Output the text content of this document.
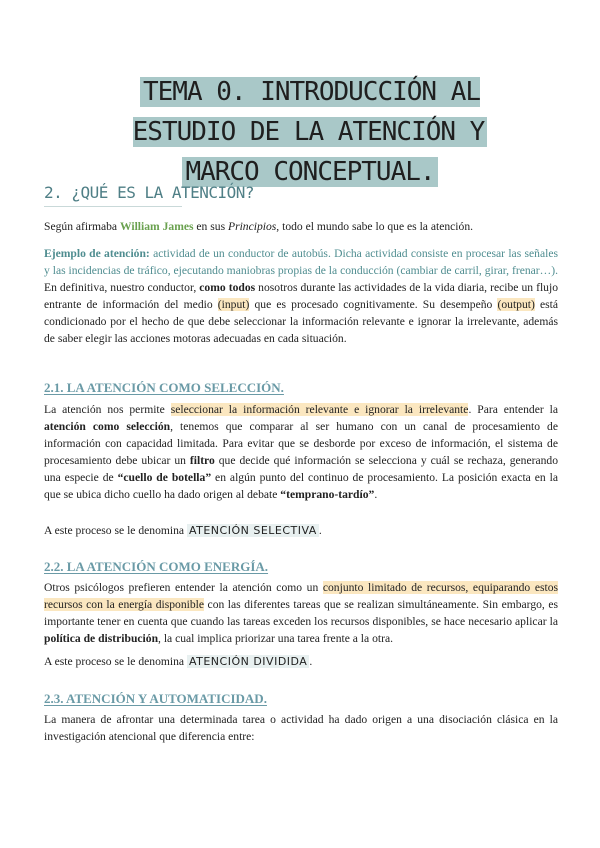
TEMA 0. INTRODUCCIÓN AL ESTUDIO DE LA ATENCIÓN Y
MARCO CONCEPTUAL.
2. ¿QUÉ ES LA ATENCIÓN?
Según afirmaba William James en sus Principios, todo el mundo sabe lo que es la atención.
Ejemplo de atención: actividad de un conductor de autobús. Dicha actividad consiste en procesar las señales y las incidencias de tráfico, ejecutando maniobras propias de la conducción (cambiar de carril, girar, frenar…). En definitiva, nuestro conductor, como todos nosotros durante las actividades de la vida diaria, recibe un flujo entrante de información del medio (input) que es procesado cognitivamente. Su desempeño (output) está condicionado por el hecho de que debe seleccionar la información relevante e ignorar la irrelevante, además de saber elegir las acciones motoras adecuadas en cada situación.
2.1. LA ATENCIÓN COMO SELECCIÓN.
La atención nos permite seleccionar la información relevante e ignorar la irrelevante. Para entender la atención como selección, tenemos que comparar al ser humano con un canal de procesamiento de información con capacidad limitada. Para evitar que se desborde por exceso de información, el sistema de procesamiento debe ubicar un filtro que decide qué información se selecciona y cuál se rechaza, generando una especie de “cuello de botella” en algún punto del continuo de procesamiento. La posición exacta en la que se ubica dicho cuello ha dado origen al debate “temprano-tardío”.
A este proceso se le denomina ATENCIÓN SELECTIVA .
2.2. LA ATENCIÓN COMO ENERGÍA.
Otros psicólogos prefieren entender la atención como un conjunto limitado de recursos, equiparando estos recursos con la energía disponible con las diferentes tareas que se realizan simultáneamente. Sin embargo, es importante tener en cuenta que cuando las tareas exceden los recursos disponibles, se hace necesario aplicar la política de distribución, la cual implica priorizar una tarea frente a la otra.
A este proceso se le denomina ATENCIÓN DIVIDIDA .
2.3. ATENCIÓN Y AUTOMATICIDAD.
La manera de afrontar una determinada tarea o actividad ha dado origen a una disociación clásica en la investigación atencional que diferencia entre:
